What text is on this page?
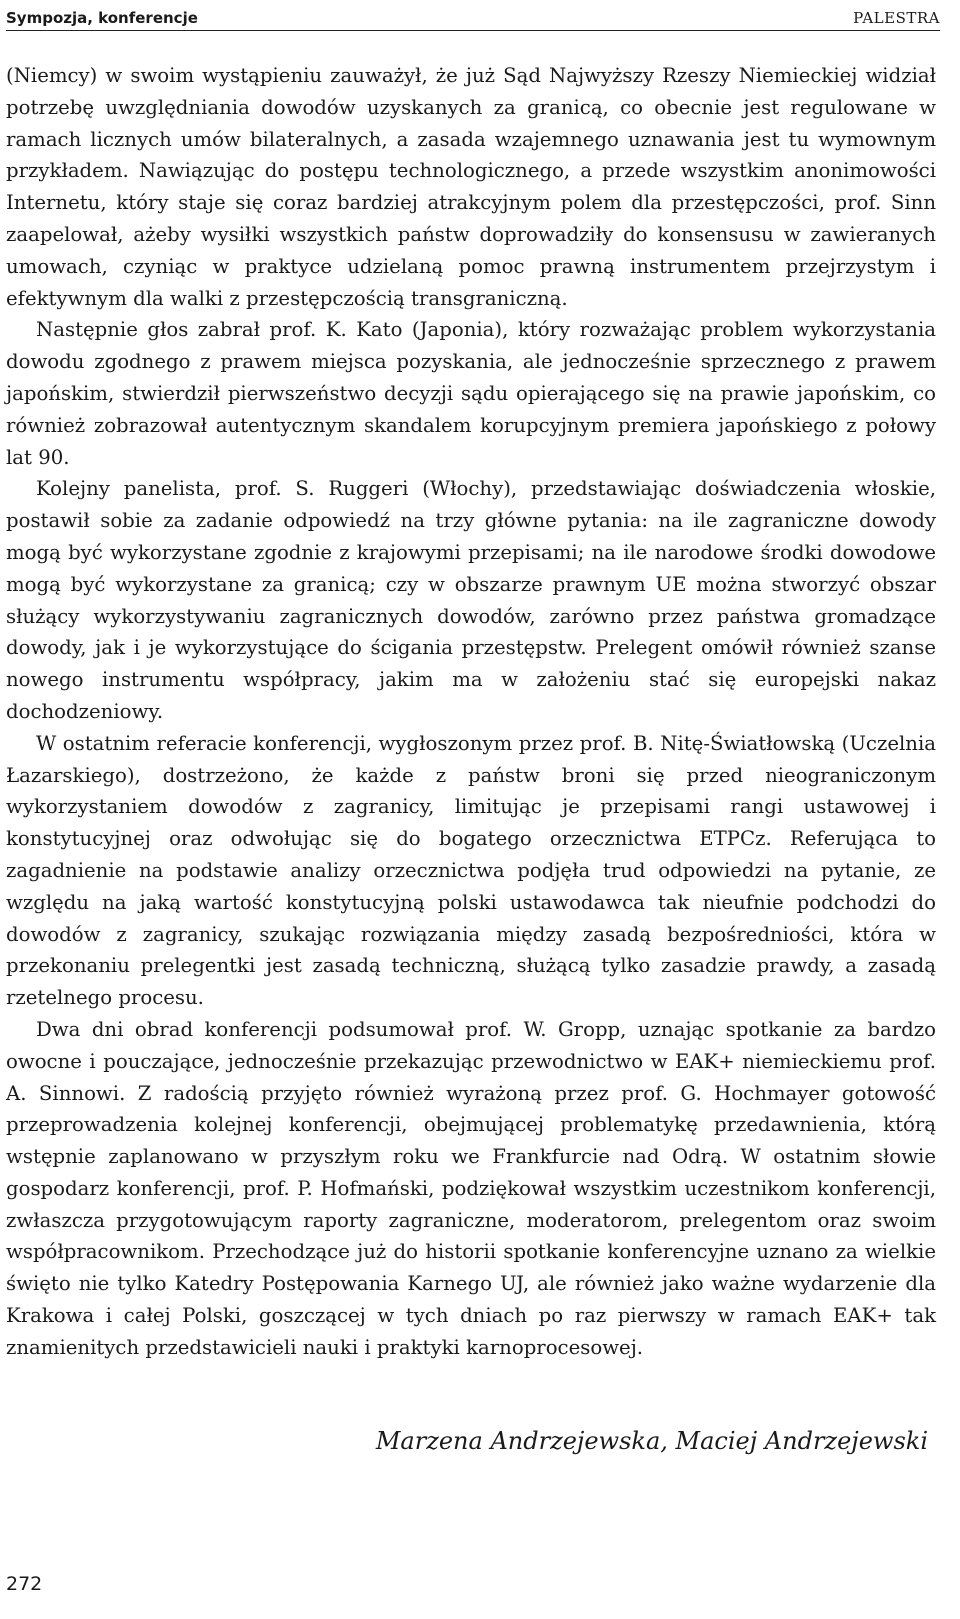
Sympozja, konferencje	PALESTRA

(Niemcy) w swoim wystąpieniu zauważył, że już Sąd Najwyższy Rzeszy Niemieckiej widział potrzebę uwzględniania dowodów uzyskanych za granicą, co obecnie jest regulowane w ramach licznych umów bilateralnych, a zasada wzajemnego uznawania jest tu wymownym przykładem. Nawiązując do postępu technologicznego, a przede wszystkim anonimowości Internetu, który staje się coraz bardziej atrakcyjnym polem dla przestępczości, prof. Sinn zaapelował, ażeby wysiłki wszystkich państw doprowadziły do konsensusu w zawieranych umowach, czyniąc w praktyce udzielaną pomoc prawną instrumentem przejrzystym i efektywnym dla walki z przestępczością transgraniczną.

Następnie głos zabrał prof. K. Kato (Japonia), który rozważając problem wykorzystania dowodu zgodnego z prawem miejsca pozyskania, ale jednocześnie sprzecznego z prawem japońskim, stwierdził pierwszeństwo decyzji sądu opierającego się na prawie japońskim, co również zobrazował autentycznym skandalem korupcyjnym premiera japońskiego z połowy lat 90.

Kolejny panelista, prof. S. Ruggeri (Włochy), przedstawiając doświadczenia włoskie, postawił sobie za zadanie odpowiedź na trzy główne pytania: na ile zagraniczne dowody mogą być wykorzystane zgodnie z krajowymi przepisami; na ile narodowe środki dowodowe mogą być wykorzystane za granicą; czy w obszarze prawnym UE można stworzyć obszar służący wykorzystywaniu zagranicznych dowodów, zarówno przez państwa gromadzące dowody, jak i je wykorzystujące do ścigania przestępstw. Prelegent omówił również szanse nowego instrumentu współpracy, jakim ma w założeniu stać się europejski nakaz dochodzeniowy.

W ostatnim referacie konferencji, wygłoszonym przez prof. B. Nitę-Światłowską (Uczelnia Łazarskiego), dostrzeżono, że każde z państw broni się przed nieograniczonym wykorzystaniem dowodów z zagranicy, limitując je przepisami rangi ustawowej i konstytucyjnej oraz odwołując się do bogatego orzecznictwa ETPCz. Referująca to zagadnienie na podstawie analizy orzecznictwa podjęła trud odpowiedzi na pytanie, ze względu na jaką wartość konstytucyjną polski ustawodawca tak nieufnie podchodzi do dowodów z zagranicy, szukając rozwiązania między zasadą bezpośredniości, która w przekonaniu prelegentki jest zasadą techniczną, służącą tylko zasadzie prawdy, a zasadą rzetelnego procesu.

Dwa dni obrad konferencji podsumował prof. W. Gropp, uznając spotkanie za bardzo owocne i pouczające, jednocześnie przekazując przewodnictwo w EAK+ niemieckiemu prof. A. Sinnowi. Z radością przyjęto również wyrażoną przez prof. G. Hochmayer gotowość przeprowadzenia kolejnej konferencji, obejmującej problematykę przedawnienia, którą wstępnie zaplanowano w przyszłym roku we Frankfurcie nad Odrą. W ostatnim słowie gospodarz konferencji, prof. P. Hofmański, podziękował wszystkim uczestnikom konferencji, zwłaszcza przygotowującym raporty zagraniczne, moderatorom, prelegentom oraz swoim współpracownikom. Przechodzące już do historii spotkanie konferencyjne uznano za wielkie święto nie tylko Katedry Postępowania Karnego UJ, ale również jako ważne wydarzenie dla Krakowa i całej Polski, goszczącej w tych dniach po raz pierwszy w ramach EAK+ tak znamienitych przedstawicieli nauki i praktyki karnoprocesowej.

Marzena Andrzejewska, Maciej Andrzejewski
272
